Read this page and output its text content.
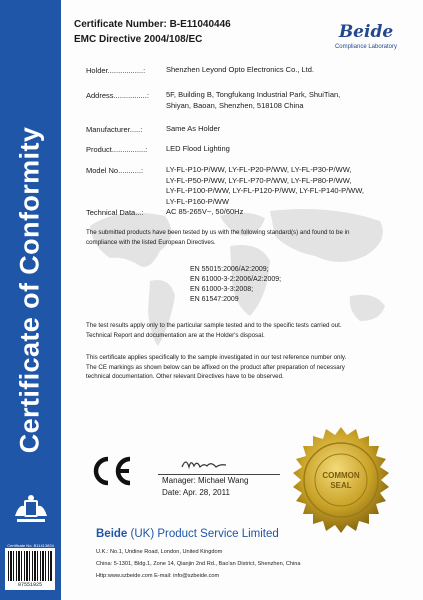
Certificate of Conformity
Certificate No. B11413834
07551925
Certificate Number: B-E11040446
EMC Directive 2004/108/EC	Beide
Compliance Laboratory
Holder.................:	Shenzhen Leyond Opto Electronics Co., Ltd.
Address................: 5F, Building B, Tongfukang Industrial Park, ShuiTian,
Shiyan, Baoan, Shenzhen, 518108 China
Manufacturer.....:	Same As Holder
Product................: LED Flood Lighting
Model No...........:	LY-FL-P10-P/WW, LY-FL-P20-P/WW, LY-FL-P30-P/WW,
LY-FL-P50-P/WW, LY-FL-P70-P/WW, LY-FL-P80-P/WW,
LY-FL-P100-P/WW, LY-FL-P120-P/WW, LY-FL-P140-P/WW,
LY-FL-P160-P/WW
Technical Data...:	AC 85-265V~, 50/60Hz
The submitted products have been tested by us with the following standard(s) and found to be in
compliance with the listed European Directives.
EN 55015:2006/A2:2009;
EN 61000-3-2:2006/A2:2009;
EN 61000-3-3:2008;
EN 61547:2009
The test results apply only to the particular sample tested and to the specific tests carried out.
Technical Report and documentation are at the Holder's disposal.
This certificate applies specifically to the sample investigated in our test reference number only.
The CE markings as shown below can be affixed on the product after preparation of necessary
technical documentation. Other relevant Directives have to be observed.
Manager: Michael Wang
Date: Apr. 28, 2011
COMMON
SEAL
Beide (UK) Product Service Limited
U.K.: No.1, Undine Road, London, United Kingdom
China: 5-1301, Bldg.1, Zone 14, Qianjin 2nd Rd., Bao'an District, Shenzhen, China
Http:www.szbeide.com E-mail: info@szbeide.com
